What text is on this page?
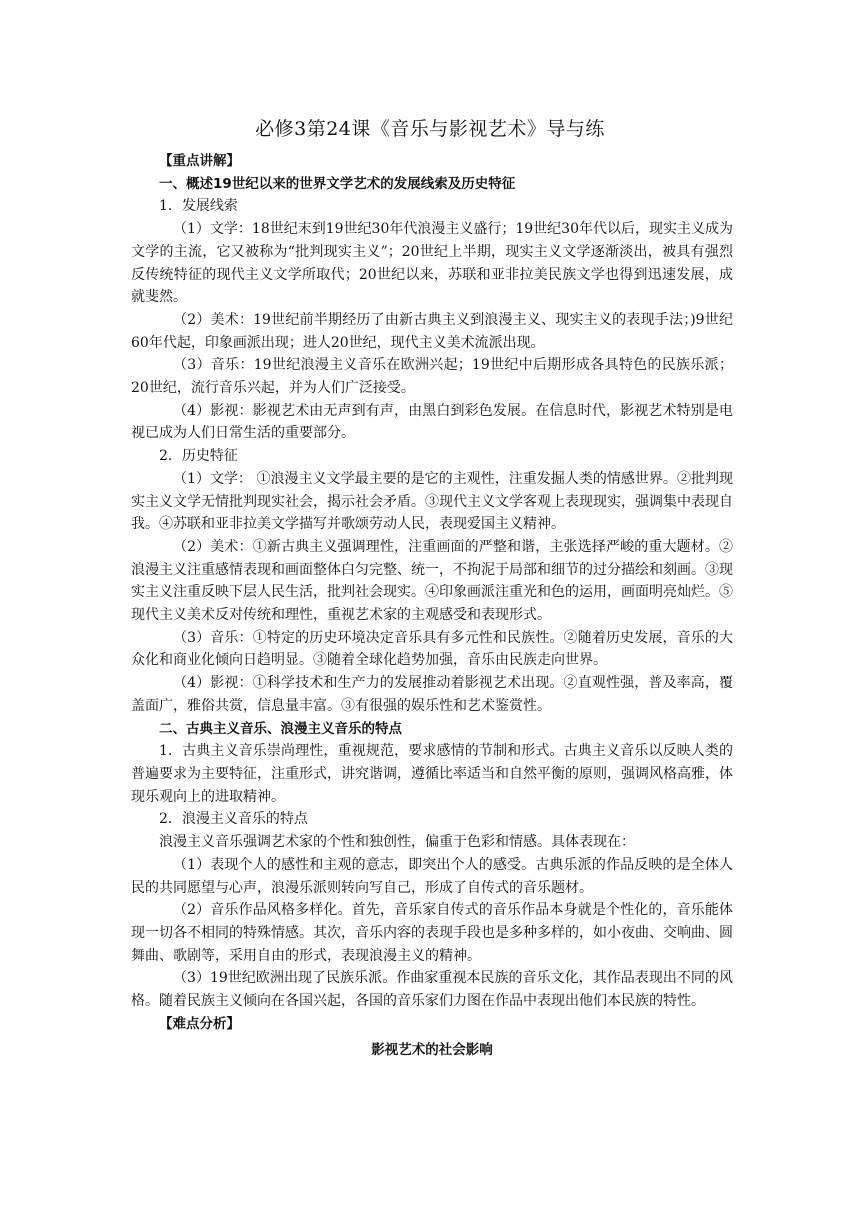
必修3第24课《音乐与影视艺术》导与练

【重点讲解】

一、概述19世纪以来的世界文学艺术的发展线索及历史特征

1．发展线索

（1）文学：18世纪末到19世纪30年代浪漫主义盛行；19世纪30年代以后，现实主义成为文学的主流，它又被称为“批判现实主义”；20世纪上半期，现实主义文学逐渐淡出，被具有强烈反传统特征的现代主义文学所取代；20世纪以来，苏联和亚非拉美民族文学也得到迅速发展，成就斐然。

（2）美术：19世纪前半期经历了由新古典主义到浪漫主义、现实主义的表现手法；)9世纪60年代起，印象画派出现；进人20世纪，现代主义美术流派出现。

（3）音乐：19世纪浪漫主义音乐在欧洲兴起；19世纪中后期形成各具特色的民族乐派；20世纪，流行音乐兴起，并为人们广泛接受。

（4）影视：影视艺术由无声到有声，由黑白到彩色发展。在信息时代，影视艺术特别是电视已成为人们日常生活的重要部分。

2．历史特征

（1）文学： ①浪漫主义文学最主要的是它的主观性，注重发掘人类的情感世界。②批判现实主义文学无情批判现实社会，揭示社会矛盾。③现代主义文学客观上表现现实，强调集中表现自我。④苏联和亚非拉美文学描写并歌颂劳动人民，表现爱国主义精神。

（2）美术：①新古典主义强调理性，注重画面的严整和谐，主张选择严峻的重大题材。②浪漫主义注重感情表现和画面整体白匀完整、统一，不拘泥于局部和细节的过分描绘和刻画。③现实主义注重反映下层人民生活，批判社会现实。④印象画派注重光和色的运用，画面明亮灿烂。⑤现代主义美术反对传统和理性，重视艺术家的主观感受和表现形式。

（3）音乐：①特定的历史环境决定音乐具有多元性和民族性。②随着历史发展，音乐的大众化和商业化倾向日趋明显。③随着全球化趋势加强，音乐由民族走向世界。

（4）影视：①科学技术和生产力的发展推动着影视艺术出现。②直观性强，普及率高，覆盖面广，雅俗共赏，信息量丰富。③有很强的娱乐性和艺术鉴赏性。

二、古典主义音乐、浪漫主义音乐的特点

1．古典主义音乐崇尚理性，重视规范，要求感情的节制和形式。古典主义音乐以反映人类的普遍要求为主要特征，注重形式，讲究谐调，遵循比率适当和自然平衡的原则，强调风格高雅，体现乐观向上的进取精神。

2．浪漫主义音乐的特点

浪漫主义音乐强调艺术家的个性和独创性，偏重于色彩和情感。具体表现在：

（1）表现个人的感性和主观的意志，即突出个人的感受。古典乐派的作品反映的是全体人民的共同愿望与心声，浪漫乐派则转向写自己，形成了自传式的音乐题材。

（2）音乐作品风格多样化。首先，音乐家自传式的音乐作品本身就是个性化的，音乐能体现一切各不相同的特殊情感。其次，音乐内容的表现手段也是多种多样的，如小夜曲、交响曲、圆舞曲、歌剧等，采用自由的形式，表现浪漫主义的精神。

（3）19世纪欧洲出现了民族乐派。作曲家重视本民族的音乐文化，其作品表现出不同的风格。随着民族主义倾向在各国兴起，各国的音乐家们力图在作品中表现出他们本民族的特性。

【难点分析】

影视艺术的社会影响
